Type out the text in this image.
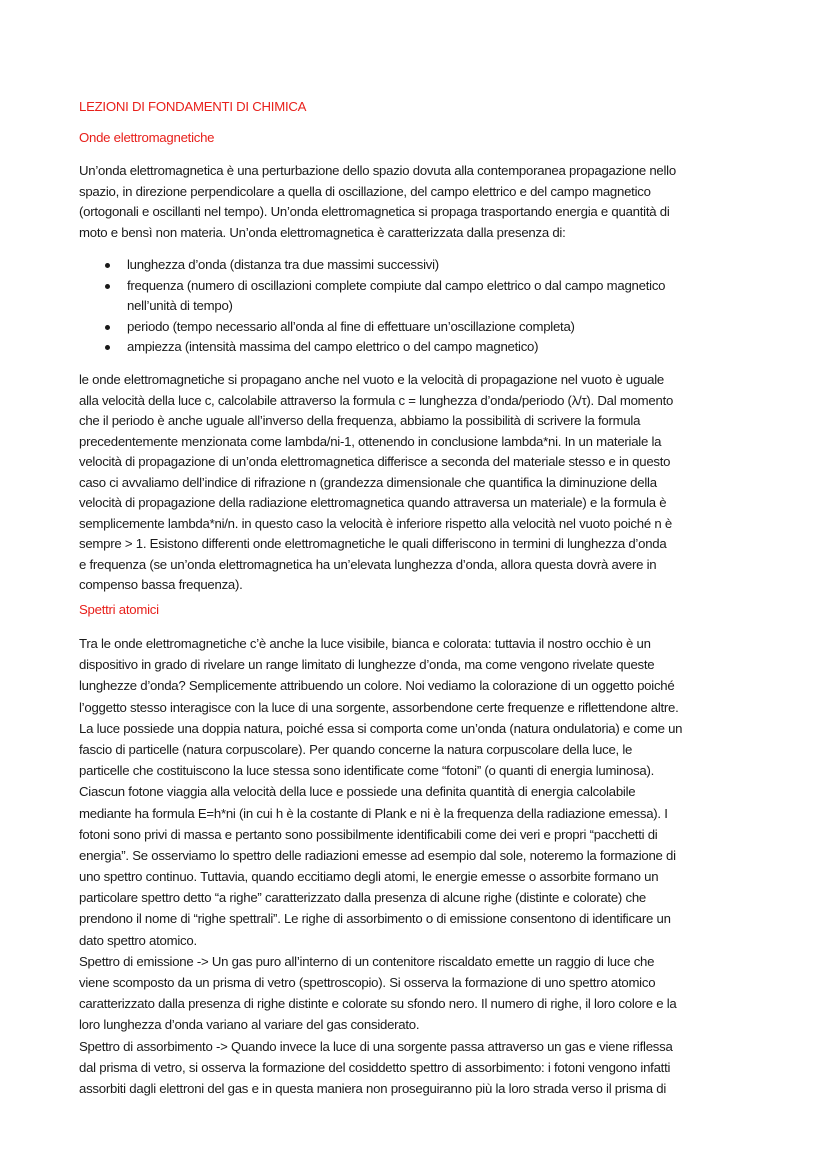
LEZIONI DI FONDAMENTI DI CHIMICA
Onde elettromagnetiche
Un’onda elettromagnetica è una perturbazione dello spazio dovuta alla contemporanea propagazione nello
spazio, in direzione perpendicolare a quella di oscillazione, del campo elettrico e del campo magnetico
(ortogonali e oscillanti nel tempo). Un’onda elettromagnetica si propaga trasportando energia e quantità di
moto e bensì non materia. Un’onda elettromagnetica è caratterizzata dalla presenza di:
lunghezza d’onda (distanza tra due massimi successivi)
frequenza (numero di oscillazioni complete compiute dal campo elettrico o dal campo magnetico
nell’unità di tempo)
periodo (tempo necessario all’onda al fine di effettuare un’oscillazione completa)
ampiezza (intensità massima del campo elettrico o del campo magnetico)
le onde elettromagnetiche si propagano anche nel vuoto e la velocità di propagazione nel vuoto è uguale
alla velocità della luce c, calcolabile attraverso la formula c = lunghezza d’onda/periodo (λ/τ). Dal momento
che il periodo è anche uguale all’inverso della frequenza, abbiamo la possibilità di scrivere la formula
precedentemente menzionata come lambda/ni-1, ottenendo in conclusione lambda*ni. In un materiale la
velocità di propagazione di un’onda elettromagnetica differisce a seconda del materiale stesso e in questo
caso ci avvaliamo dell’indice di rifrazione n (grandezza dimensionale che quantifica la diminuzione della
velocità di propagazione della radiazione elettromagnetica quando attraversa un materiale) e la formula è
semplicemente lambda*ni/n. in questo caso la velocità è inferiore rispetto alla velocità nel vuoto poiché n è
sempre > 1. Esistono differenti onde elettromagnetiche le quali differiscono in termini di lunghezza d’onda
e frequenza (se un’onda elettromagnetica ha un’elevata lunghezza d’onda, allora questa dovrà avere in
compenso bassa frequenza).
Spettri atomici
Tra le onde elettromagnetiche c’è anche la luce visibile, bianca e colorata: tuttavia il nostro occhio è un
dispositivo in grado di rivelare un range limitato di lunghezze d’onda, ma come vengono rivelate queste
lunghezze d’onda? Semplicemente attribuendo un colore. Noi vediamo la colorazione di un oggetto poiché
l’oggetto stesso interagisce con la luce di una sorgente, assorbendone certe frequenze e riflettendone altre.
La luce possiede una doppia natura, poiché essa si comporta come un’onda (natura ondulatoria) e come un
fascio di particelle (natura corpuscolare). Per quando concerne la natura corpuscolare della luce, le
particelle che costituiscono la luce stessa sono identificate come “fotoni” (o quanti di energia luminosa).
Ciascun fotone viaggia alla velocità della luce e possiede una definita quantità di energia calcolabile
mediante ha formula E=h*ni (in cui h è la costante di Plank e ni è la frequenza della radiazione emessa). I
fotoni sono privi di massa e pertanto sono possibilmente identificabili come dei veri e propri “pacchetti di
energia”. Se osserviamo lo spettro delle radiazioni emesse ad esempio dal sole, noteremo la formazione di
uno spettro continuo. Tuttavia, quando eccitiamo degli atomi, le energie emesse o assorbite formano un
particolare spettro detto “a righe” caratterizzato dalla presenza di alcune righe (distinte e colorate) che
prendono il nome di “righe spettrali”. Le righe di assorbimento o di emissione consentono di identificare un
dato spettro atomico.
Spettro di emissione -> Un gas puro all’interno di un contenitore riscaldato emette un raggio di luce che
viene scomposto da un prisma di vetro (spettroscopio). Si osserva la formazione di uno spettro atomico
caratterizzato dalla presenza di righe distinte e colorate su sfondo nero. Il numero di righe, il loro colore e la
loro lunghezza d’onda variano al variare del gas considerato.
Spettro di assorbimento -> Quando invece la luce di una sorgente passa attraverso un gas e viene riflessa
dal prisma di vetro, si osserva la formazione del cosiddetto spettro di assorbimento: i fotoni vengono infatti
assorbiti dagli elettroni del gas e in questa maniera non proseguiranno più la loro strada verso il prisma di
